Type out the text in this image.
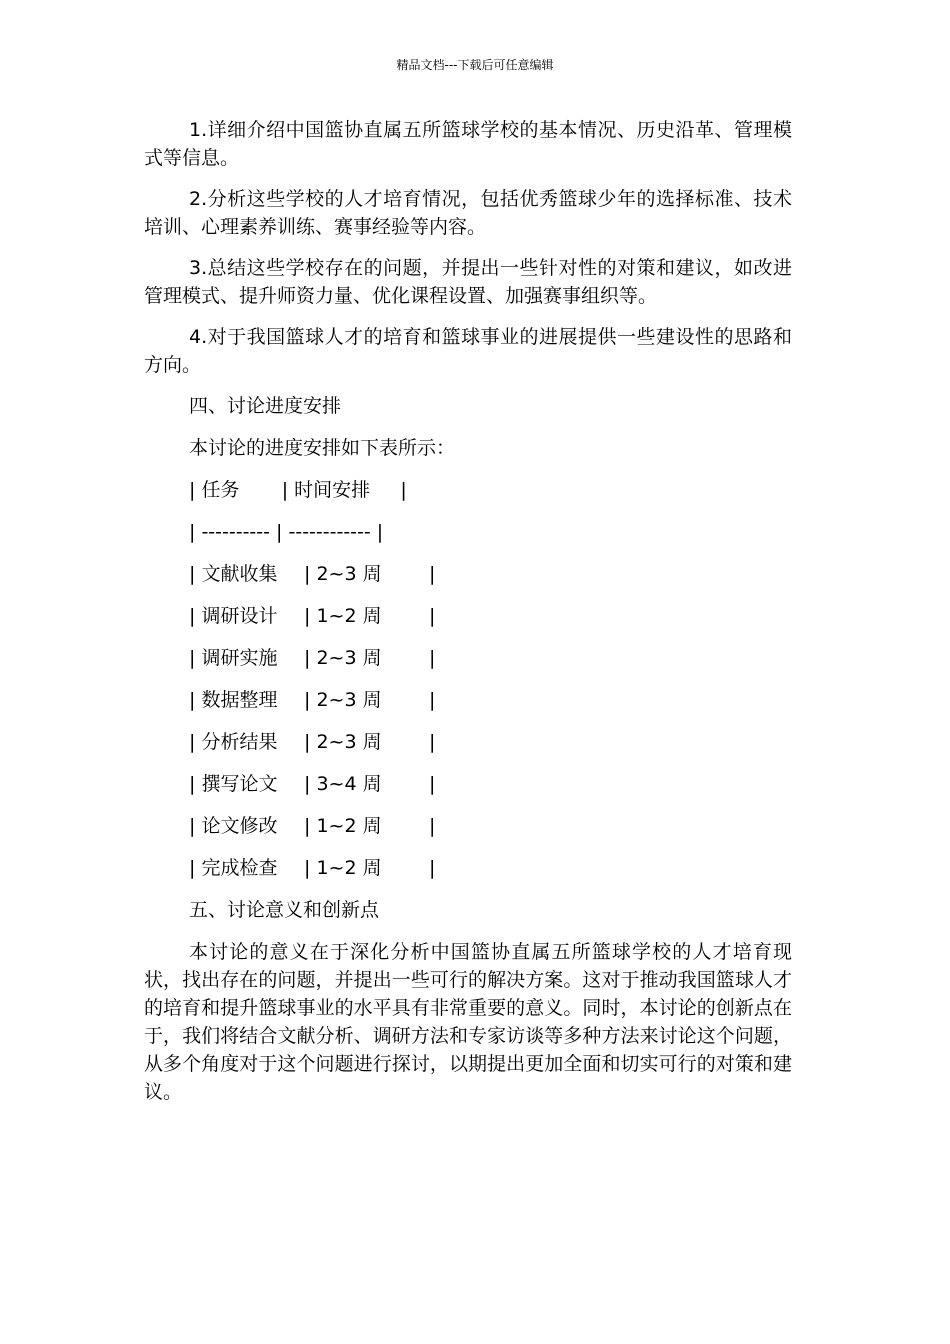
精品文档---下载后可任意编辑

1.详细介绍中国篮协直属五所篮球学校的基本情况、历史沿革、管理模式等信息。

2.分析这些学校的人才培育情况，包括优秀篮球少年的选择标准、技术培训、心理素养训练、赛事经验等内容。

3.总结这些学校存在的问题，并提出一些针对性的对策和建议，如改进管理模式、提升师资力量、优化课程设置、加强赛事组织等。

4.对于我国篮球人才的培育和篮球事业的进展提供一些建设性的思路和方向。

四、讨论进度安排
本讨论的进度安排如下表所示：
| 任务       | 时间安排     |
| ---------- | ------------ |
| 文献收集 | 2~3 周 |
| 调研设计 | 1~2 周 |
| 调研实施 | 2~3 周 |
| 数据整理 | 2~3 周 |
| 分析结果 | 2~3 周 |
| 撰写论文 | 3~4 周 |
| 论文修改 | 1~2 周 |
| 完成检查 | 1~2 周 |
五、讨论意义和创新点

本讨论的意义在于深化分析中国篮协直属五所篮球学校的人才培育现状，找出存在的问题，并提出一些可行的解决方案。这对于推动我国篮球人才的培育和提升篮球事业的水平具有非常重要的意义。同时，本讨论的创新点在于，我们将结合文献分析、调研方法和专家访谈等多种方法来讨论这个问题，从多个角度对于这个问题进行探讨，以期提出更加全面和切实可行的对策和建议。
